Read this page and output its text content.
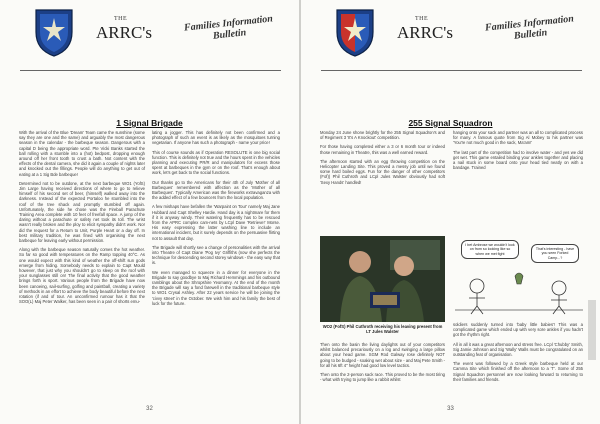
THE
ARRC's	Families Information Bulletin
1 Signal Brigade

With the arrival of the Blue 'Dream' Team came the sunshine (some say they are one and the same) and arguably the most dangerous season in the calendar - the barbeque season. Dangerous with a capital D being the appropriate word. Pte Vicki Banks started the ball rolling with a stumble into a (hot) bedpost, dropping enough around off her front tooth to crust a bath. Not content with the effects of the dental camera, she did it again a couple of nights later and knocked out the fillings. People will do anything to get out of eating at a 1 Sig Bde barbeque!

Determined not to be outdone, at the next barbeque WO1 (YofS) Jim Large having received directions of where to go to relieve himself of his second set of beer, (himself) walked away into the darkness. Instead of the expected Portaloo he stumbled into the roof of the tree shack and promptly stumbled off again. Unfortunately, the side he chose was the Fireball Parachute Training Area complete with 10 feet of freefall space. A jump of the daring without a parachute or safety net took its toll. The wrist wasn't really broken and the ploy to elicit sympathy didn't work. Nor did the request for a Return to Unit, Purple Heart or a day off. In best military tradition, he was fined with organising the next barbeque for leaving early without permission.

Along with the barbeque season naturally comes the hot weather. So far so good with temperatures on the Ramp topping 40°C. As one would expect with this kind of weather the off-shift sun gods emerge from hiding. Somebody needs to explain to Capt Mould however, that just why you shouldn't go to sleep on the roof with your sunglasses still on! The final activity that the good weather brings forth is sport. Various people from the Brigade have now been canoeing, sail-surfing, golfing and paintball, creating a variety of methods in an effort to achieve the body beautiful before the next rotation (if and of tour. An unconfirmed rumour has it that the SOO(L) Maj Peter Walker, has been seen in a pair of shorts emu-

lating a jogger. This has definitely not been confirmed and a photograph of such an event is as likely as the mosquitoes turning vegetarian. If anyone has such a photograph - name your price!

This of course sounds as if Operation RESOLUTE is one big social function. This is definitely not true and the hours spent in the vehicles planning and executing PR/R and manipulators for excess those spent at barbeques in the gym or on the roof. That's enough about work, let's get back to the social functions.

Our thanks go to the Americans for their 4th of July 'Mother of all Barbeques' remembered with affection as the 'Mother of all Barbeques'. Typically American was the fireworks extravaganza with the added effect of a few bouncers from the local population.

A few mishaps have befallen the 'Warpaint on Tour' namely Maj Jane Hubbard and Capt Shelley Hardie. Hand day is a nightmare for them if it is anyway windy. Their watering frequently has to be rescued from the APRC complex cam-nets by LCpl Dave 'Retrieve!' Morse. His easy expressing the latter washing line to include an international incident, but it surely depends on the persuasive flirting not to assault that day.

The Brigade will shortly see a change of personalities with the arrival into Theatre of Capt Diane 'Pog Ivy' Griffiths (now she perfects the technique for descending second storey windows - the easy way that is.

We even managed to squeeze in a dinner for everyone in the Brigade to say goodbye to Maj Richard Hemmings and his outbound ramblings about the Shropshire Yeomanry. At the end of the month the Brigade will say a fond farewell in the traditional barbeque style to WO1 Crysal Ashley. After 22 years service he will be joining the 'civvy street' in the October. We wish him and his family the best of luck for the future.

32
THE
ARRC's	Families Information Bulletin
255 Signal Squadron

Monday 24 June shone brightly for the 255 Signal Squadron's and of Regiment 3 'It's A Knockout' competition.

For those having completed either a 3 or 6 month tour or indeed those remaining in Theatre, this was a well earned reward.

The afternoon started with an egg throwing competition on the Helicopter Landing Site. This proved a messy job until we found some hard boiled eggs. Fun for the danger of other competitors (Fof)) Phil Cuthroth and LCpl Jules Walster obviously had soft 'Sexy Hands' handled!

WO2 (FofS) Phil Cuthroth receiving his leaving present from LT Jules Walster

Then onto the basin the living daylights out of your competitors whilst balanced precariously on a log and swinging a large pillow about your head game. SGM Rod Galway rose definitely NOT going to be budged - soaking wet about size - and Maj Pete Smith - for all his 6ft 4" height had good low level tactics.

Then onto the 2-person sack race. This proved to be the most tiring - what with trying to jump like a rabbit whilst

hanging onto your sack and partner was an all to complicated process for many. A famous quote from Sig Al Mobey to his partner was 'You're not much good in the sack, Ma'am!'

The last part of the competition had to involve water - and yes we did get wet. This game entailed binding your ankles together and placing a nail stuck in some board onto your head tied neatly on with a bandage. Trained

I bet Ambrose we wouldn't look on from so looking like so when we met fight
That's interesting - have you seen Forked Camp...?

soldiers suddenly turned into 'baby little babies'! This was a complicated game which ended up with very sore ankles if you hadn't got the rhythm right.

All in all it was a great afternoon and stress free. LCpl 'Chubby' Smith, Sig Jamie Johnson and Sig 'Wally' Walls must be congratulated on an outstanding feat of organisation.

The event was followed by a Greek style barbeque held at our Camma Site which finished off the afternoon to a 'T'. Some of 255 Signal Squadron personnel are now looking forward to returning to their families and friends.

33
